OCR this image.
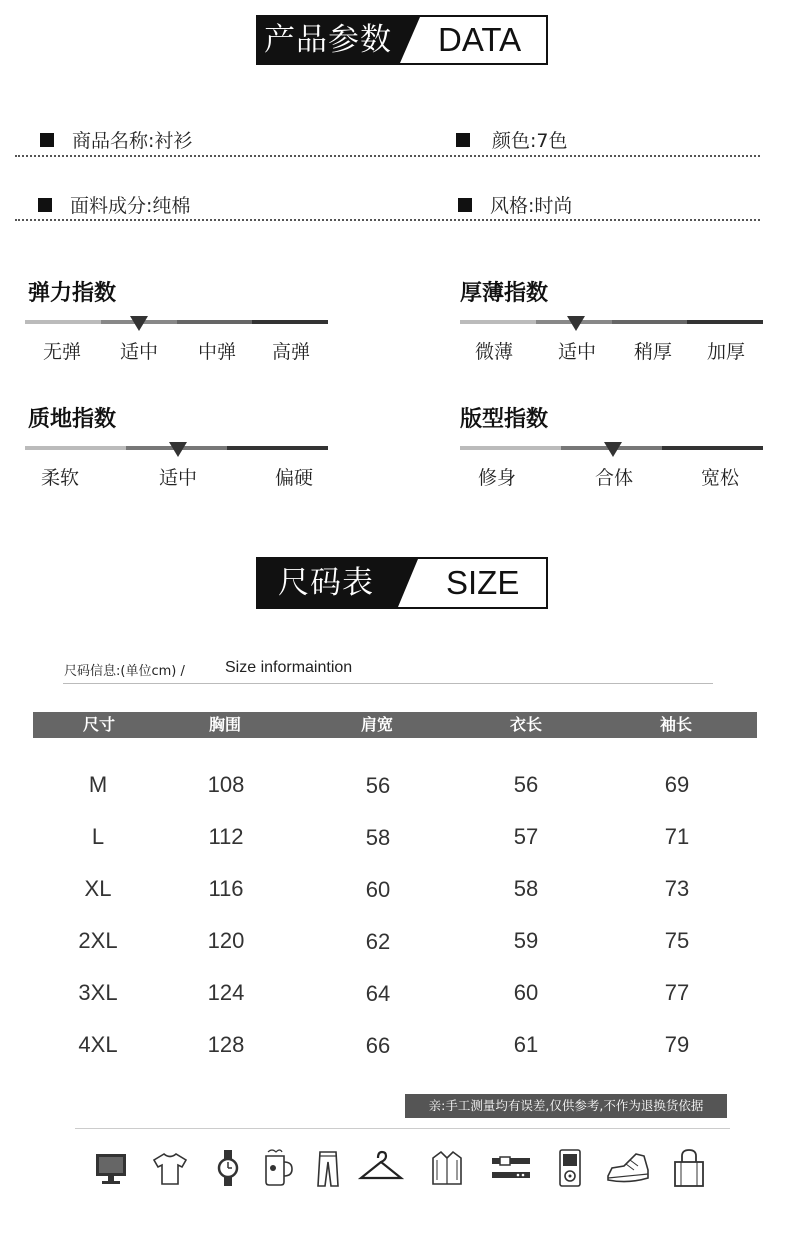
产品参数 DATA
商品名称:衬衫	颜色:7色
面料成分:纯棉	风格:时尚
弹力指数
无弹 适中 中弹 高弹
厚薄指数
微薄 适中 稍厚 加厚
质地指数
柔软	适中	偏硬
版型指数
修身	合体	宽松
尺码表 SIZE
尺码信息:(单位cm) /	Size informaintion
尺寸	胸围	肩宽	衣长	袖长
M	108	56	56	69
L	112	58	57	71
XL	116	60	58	73
2XL	120	62	59	75
3XL	124	64	60	77
4XL	128	66	61	79
亲:手工测量均有误差,仅供参考,不作为退换货依据
